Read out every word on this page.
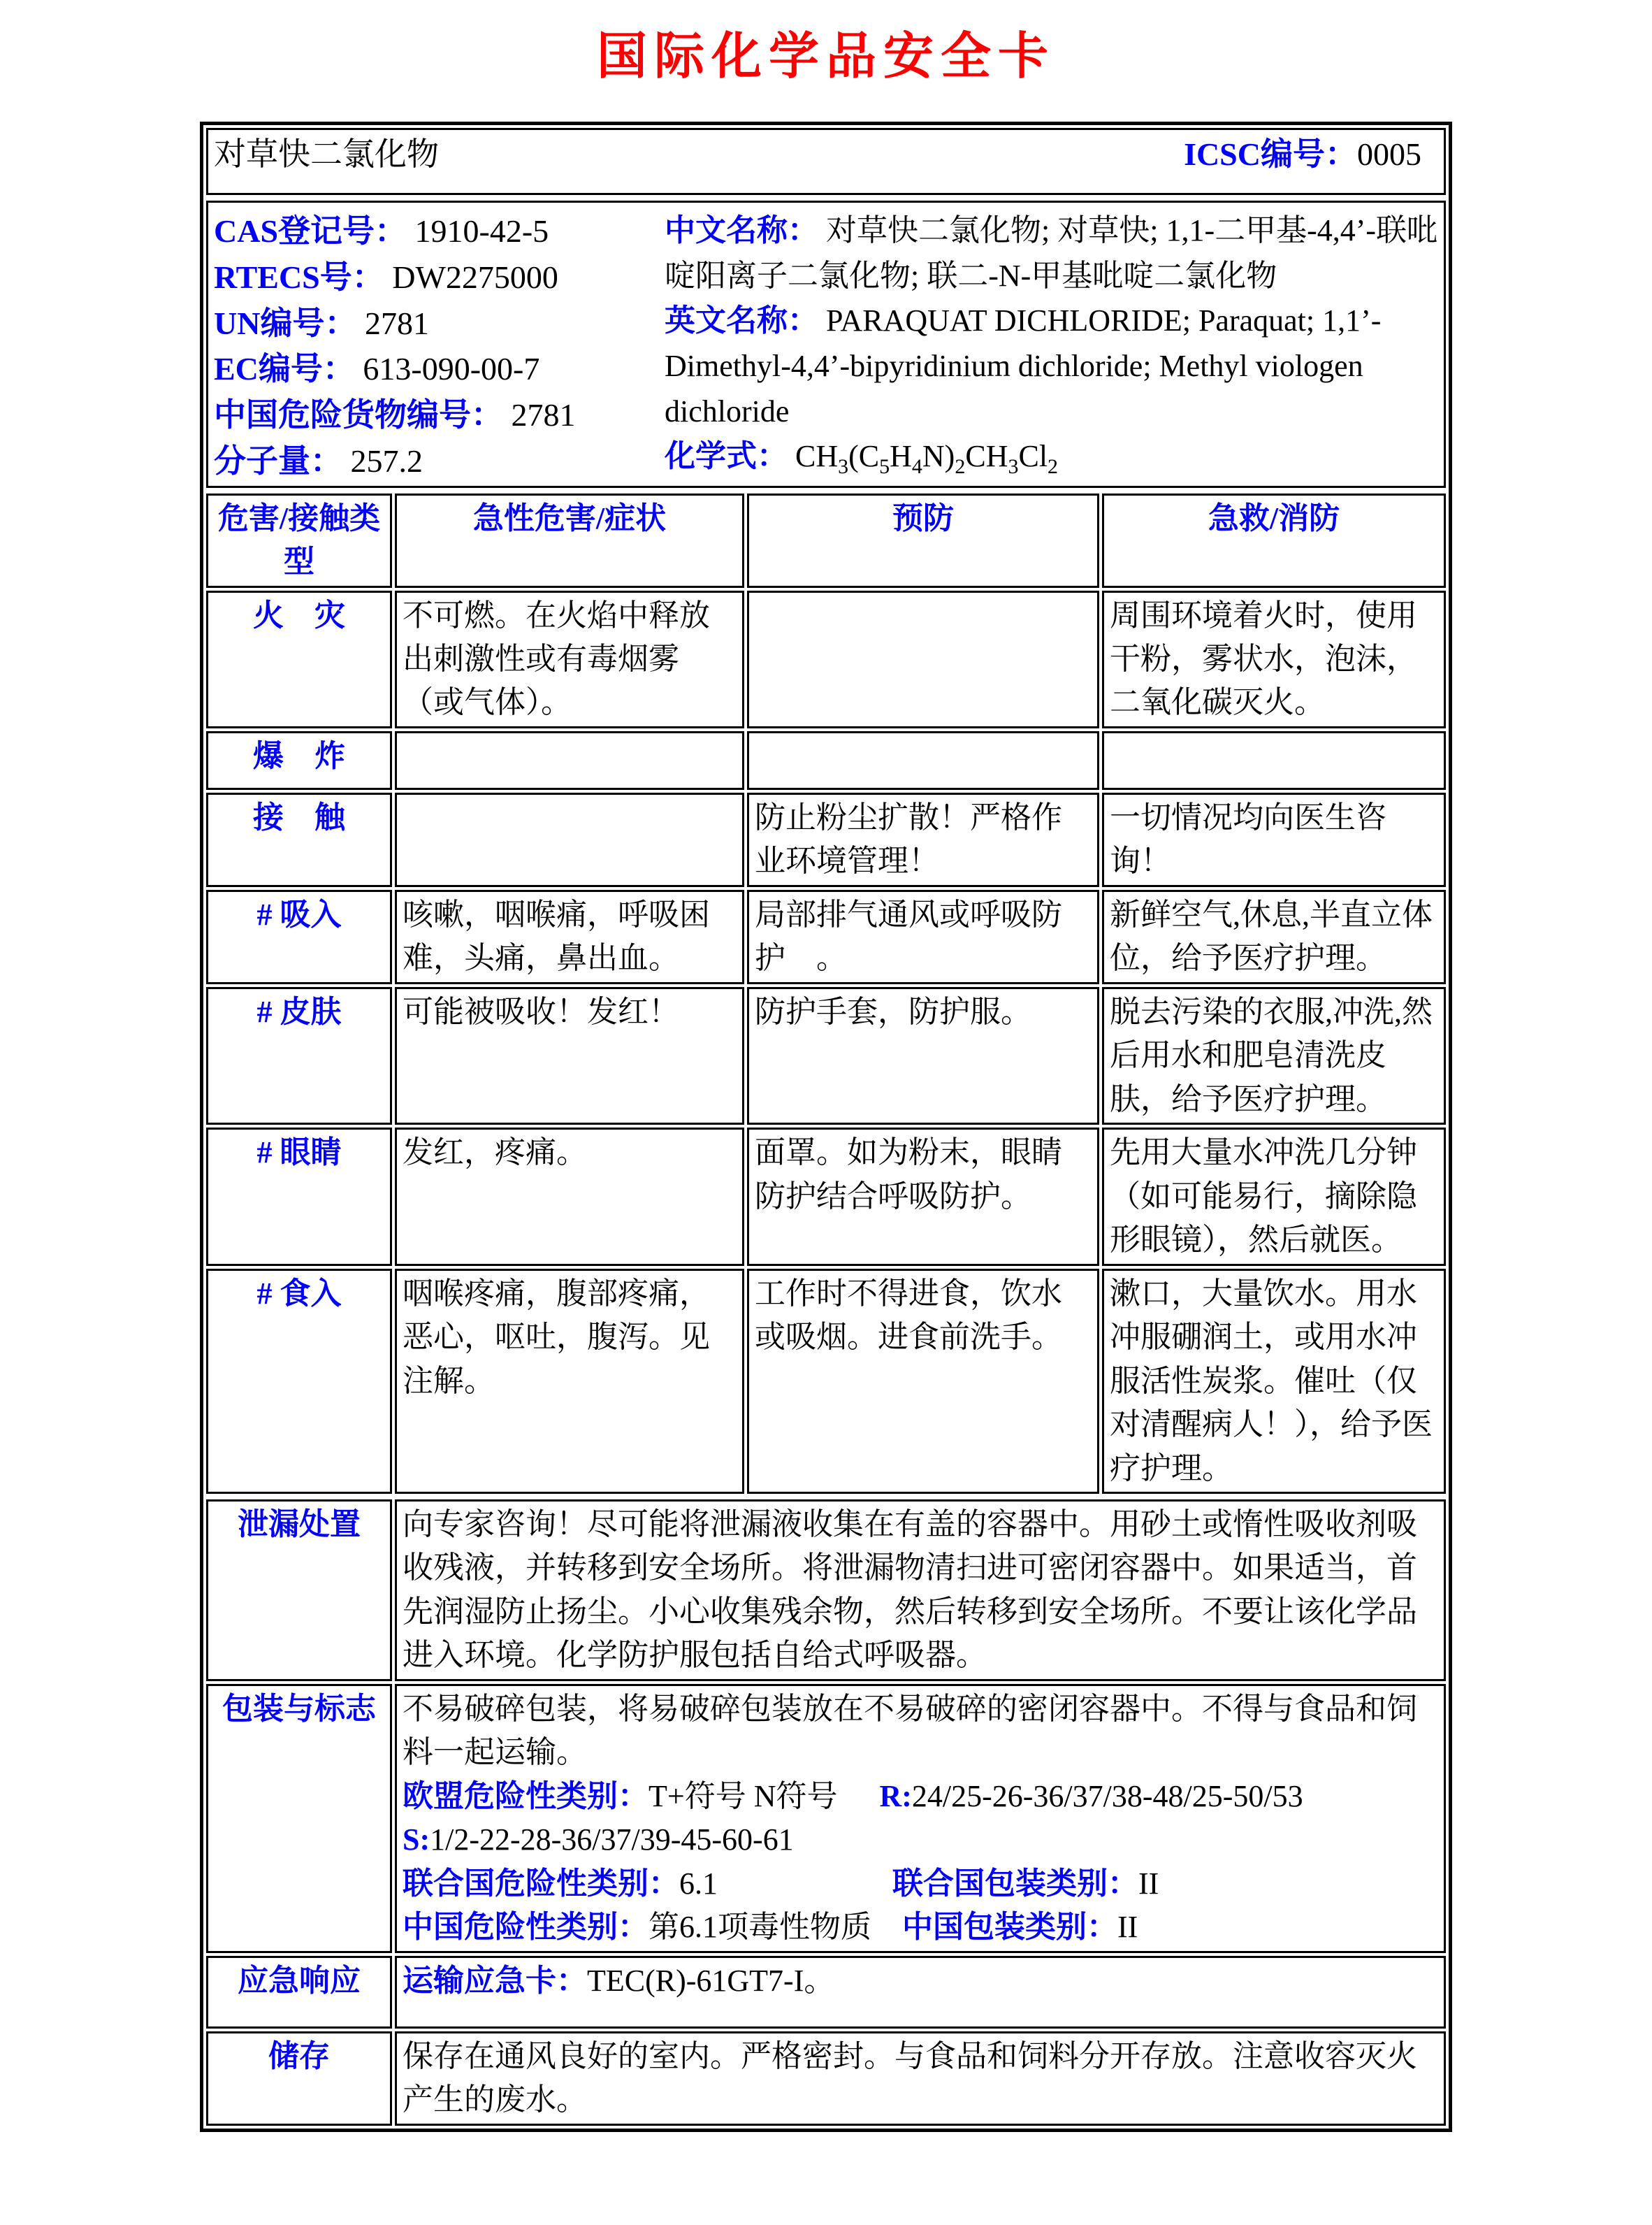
国际化学品安全卡
对草快二氯化物	ICSC编号：0005
CAS登记号： 1910-42-5
RTECS号： DW2275000
UN编号： 2781
EC编号： 613-090-00-7
中国危险货物编号： 2781
分子量： 257.2

中文名称： 对草快二氯化物; 对草快; 1,1-二甲基-4,4’-联吡啶阳离子二氯化物; 联二-N-甲基吡啶二氯化物

英文名称： PARAQUAT DICHLORIDE; Paraquat; 1,1’-Dimethyl-4,4’-bipyridinium dichloride; Methyl viologen dichloride

化学式： $CH_3(C_5H_4N)_2CH_3Cl_2$

危害/接触类型	急性危害/症状	预防	急救/消防
火　灾	不可燃。在火焰中释放出刺激性或有毒烟雾（或气体）。		周围环境着火时，使用干粉，雾状水，泡沫，二氧化碳灭火。
爆　炸			
接　触		防止粉尘扩散！严格作业环境管理！	一切情况均向医生咨询！
# 吸入	咳嗽，咽喉痛，呼吸困难，头痛，鼻出血。	局部排气通风或呼吸防护　。	新鲜空气,休息,半直立体位，给予医疗护理。
# 皮肤	可能被吸收！发红！	防护手套，防护服。	脱去污染的衣服,冲洗,然后用水和肥皂清洗皮肤，给予医疗护理。
# 眼睛	发红，疼痛。	面罩。如为粉末，眼睛防护结合呼吸防护。	先用大量水冲洗几分钟（如可能易行，摘除隐形眼镜），然后就医。
# 食入	咽喉疼痛，腹部疼痛，恶心，呕吐，腹泻。见注解。	工作时不得进食，饮水或吸烟。进食前洗手。	漱口，大量饮水。用水冲服硼润土，或用水冲服活性炭浆。催吐（仅对清醒病人！），给予医疗护理。
泄漏处置	向专家咨询！尽可能将泄漏液收集在有盖的容器中。用砂土或惰性吸收剂吸收残液，并转移到安全场所。将泄漏物清扫进可密闭容器中。如果适当，首先润湿防止扬尘。小心收集残余物，然后转移到安全场所。不要让该化学品进入环境。化学防护服包括自给式呼吸器。
包装与标志	不易破碎包装，将易破碎包装放在不易破碎的密闭容器中。不得与食品和饲料一起运输。
欧盟危险性类别：T+符号 N符号 R:24/25-26-36/37/38-48/25-50/53
S:1/2-22-28-36/37/39-45-60-61
联合国危险性类别：6.1 联合国包装类别：II
中国危险性类别：第6.1项毒性物质 中国包装类别：II

应急响应	运输应急卡：TEC(R)-61GT7-I。
储存	保存在通风良好的室内。严格密封。与食品和饲料分开存放。注意收容灭火产生的废水。
